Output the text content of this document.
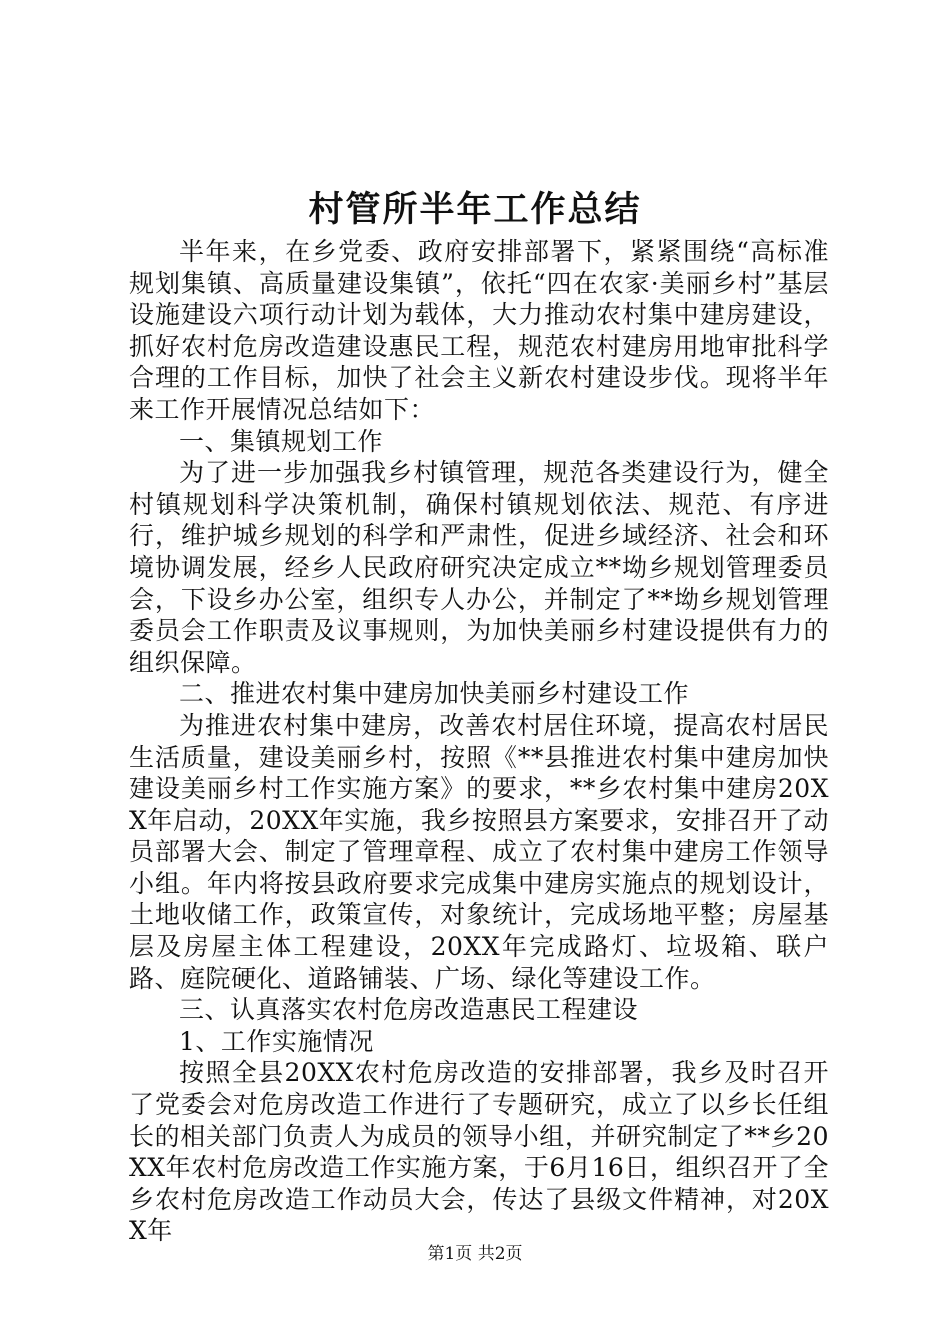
村管所半年工作总结

半年来，在乡党委、政府安排部署下，紧紧围绕“高标准规划集镇、高质量建设集镇”，依托“四在农家·美丽乡村”基层设施建设六项行动计划为载体，大力推动农村集中建房建设，抓好农村危房改造建设惠民工程，规范农村建房用地审批科学合理的工作目标，加快了社会主义新农村建设步伐。现将半年来工作开展情况总结如下：

一、集镇规划工作

为了进一步加强我乡村镇管理，规范各类建设行为，健全村镇规划科学决策机制，确保村镇规划依法、规范、有序进行，维护城乡规划的科学和严肃性，促进乡域经济、社会和环境协调发展，经乡人民政府研究决定成立**坳乡规划管理委员会，下设乡办公室，组织专人办公，并制定了**坳乡规划管理委员会工作职责及议事规则，为加快美丽乡村建设提供有力的组织保障。

二、推进农村集中建房加快美丽乡村建设工作

为推进农村集中建房，改善农村居住环境，提高农村居民生活质量，建设美丽乡村，按照《**县推进农村集中建房加快建设美丽乡村工作实施方案》的要求，**乡农村集中建房20XX年启动，20XX年实施，我乡按照县方案要求，安排召开了动员部署大会、制定了管理章程、成立了农村集中建房工作领导小组。年内将按县政府要求完成集中建房实施点的规划设计，土地收储工作，政策宣传，对象统计，完成场地平整；房屋基层及房屋主体工程建设，20XX年完成路灯、垃圾箱、联户路、庭院硬化、道路铺装、广场、绿化等建设工作。

三、认真落实农村危房改造惠民工程建设

1、工作实施情况

按照全县20XX农村危房改造的安排部署，我乡及时召开了党委会对危房改造工作进行了专题研究，成立了以乡长任组长的相关部门负责人为成员的领导小组，并研究制定了**乡20XX年农村危房改造工作实施方案，于6月16日，组织召开了全乡农村危房改造工作动员大会，传达了县级文件精神，对20XX年

第1页 共2页
